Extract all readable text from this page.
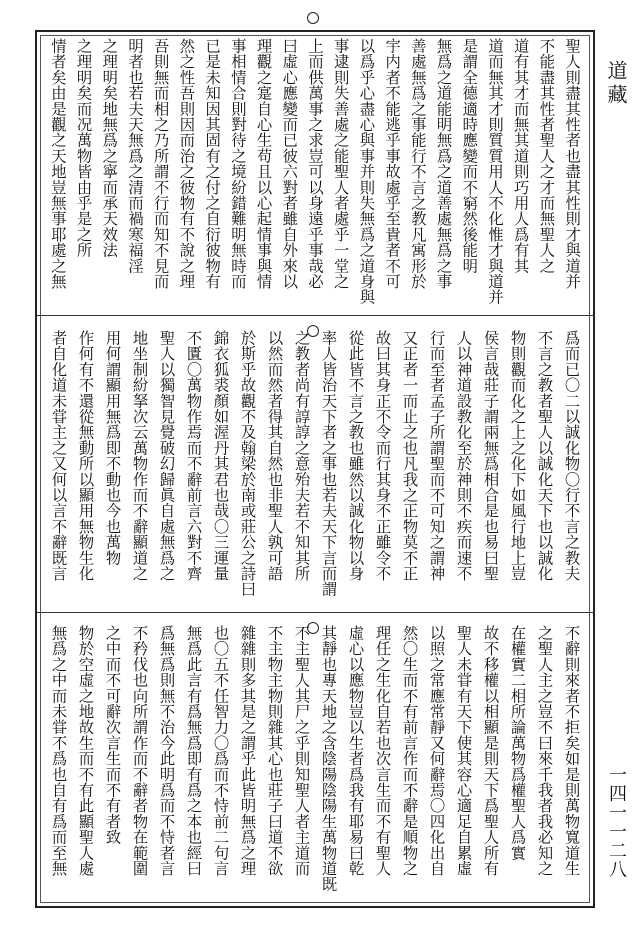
道藏
一四一一二八
聖人則盡其性者也盡其性則才與道并
不能盡其性者聖人之才而無聖人之
道有其才而無其道則巧用人爲有其
道而無其才則質質用人不化惟才與道并
是謂全德適時應變而不窮然後能明
無爲之道能明無爲之道善處無爲之事
善處無爲之事能行不言之教凡寓形於
宇内者不能逃乎事故處乎至貴者不可
以爲乎心盡心與事并則失無爲之道身與
事逮則失善處之能聖人者處乎一堂之
上而供萬事之求豈可以身遠乎事哉必
曰虛心應變而已彼六對者雖自外來以
理觀之寔自心生苟且以心起情事與情
事相情合則對待之境紛錯難明無時而
已是未知因其固有之付之自衍彼物有
然之性吾則因而治之彼物有不說之理
吾則無而相之乃所謂不行而知不見而
明者也若夫天無爲之清而禍寒福淫
之理明矣地無爲之寧而承天效法
之理明矣而况萬物皆由乎是之所
情者矣由是觀之天地豈無事耶處之無
爲而已〇二以誠化物〇行不言之教夫
不言之教者聖人以誠化天下也以誠化
物則觀而化之上之化下如風行地上豈
侯言哉莊子謂兩無爲相合是也易曰聖
人以神道設教化至於神則不疾而速不
行而至者孟子所謂聖而不可知之謂神
又正者一而止之也凡我之正物莫不正
故曰其身正不令而行其身不正雖令不
從此皆不言之教也雖然以誠化物以身
率人皆治天下者之事也若夫天下言而謂
之教者尚有諄諄之意殆夫若不知其所
以然而然者得其自然也非聖人孰可語
於斯乎故觀不及翰梁於南或莊公之詩曰
錦衣狐裘顏如渥丹其君也哉〇三運量
不匱〇萬物作焉而不辭前言六對不齊
聖人以獨智見覺破幻歸眞自處無爲之
地坐制紛拏次云萬物作而不辭顯道之
用何謂顯用無爲即不動也今也萬物
作何有不還從無動所以顯用無物生化
者自化道未甞主之又何以言不辭既言
不辭則來者不拒矣如是則萬物寬道生
之聖人主之豈不曰來千我者我必知之
在權實二相所論萬物爲權聖人爲實
故不移權以相顯是則天下爲聖人所有
聖人未甞有天下使其容心適足自累虛
以照之常應常靜又何辭焉〇四化出自
然〇生而不有前言作而不辭是順物之
理任之生化自若也次言生而不有聖人
虛心以應物豈以生者爲我有耶易曰乾
其靜也專天地之含陰陽陰陽生萬物道既
不主聖人其尸之乎則知聖人者主道而
不主物主物則雜其心也莊子曰道不欲
雜雜則多其是之謂乎此皆明無爲之理
也〇五不任智力〇爲而不恃前二句言
無爲此言有爲無爲即有爲之本也經曰
爲無爲則無不治今此明爲而不恃者言
不矜伐也向所謂作而不辭者物在範圍
之中而不可辭次言生而不有者致
物於空虛之地故生而不有此顯聖人處
無爲之中而未甞不爲也自有爲而至無
